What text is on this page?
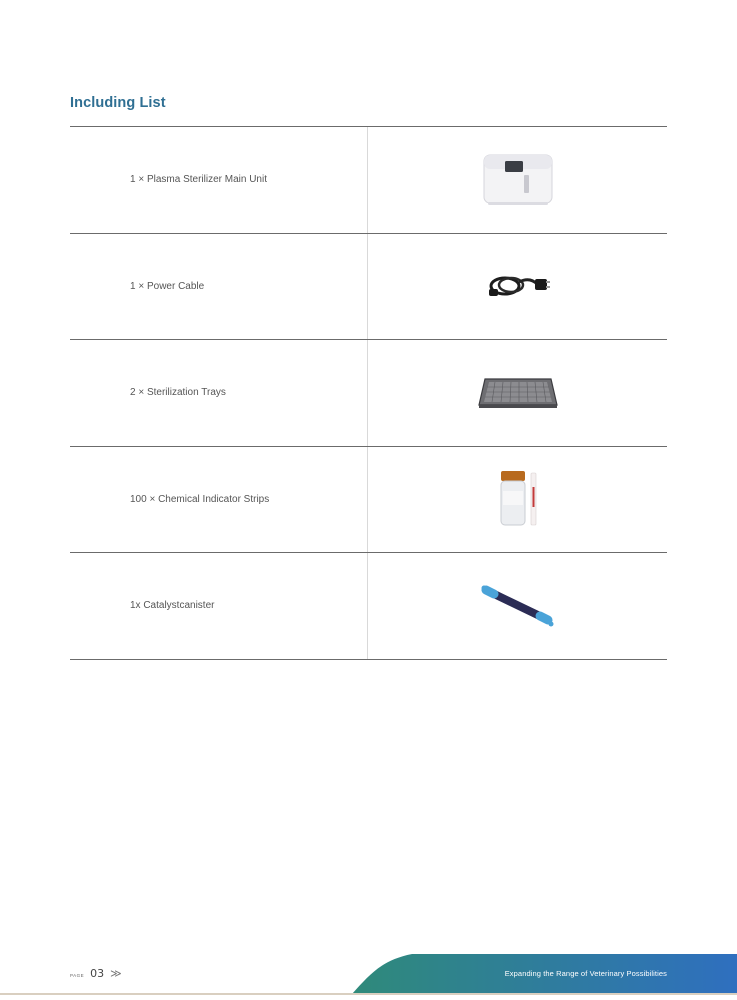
Including List
1 × Plasma Sterilizer Main Unit
1 × Power Cable
2 × Sterilization Trays
100 × Chemical Indicator Strips
1x Catalystcanister
PAGE 03 ≫	Expanding the Range of Veterinary Possibilities
